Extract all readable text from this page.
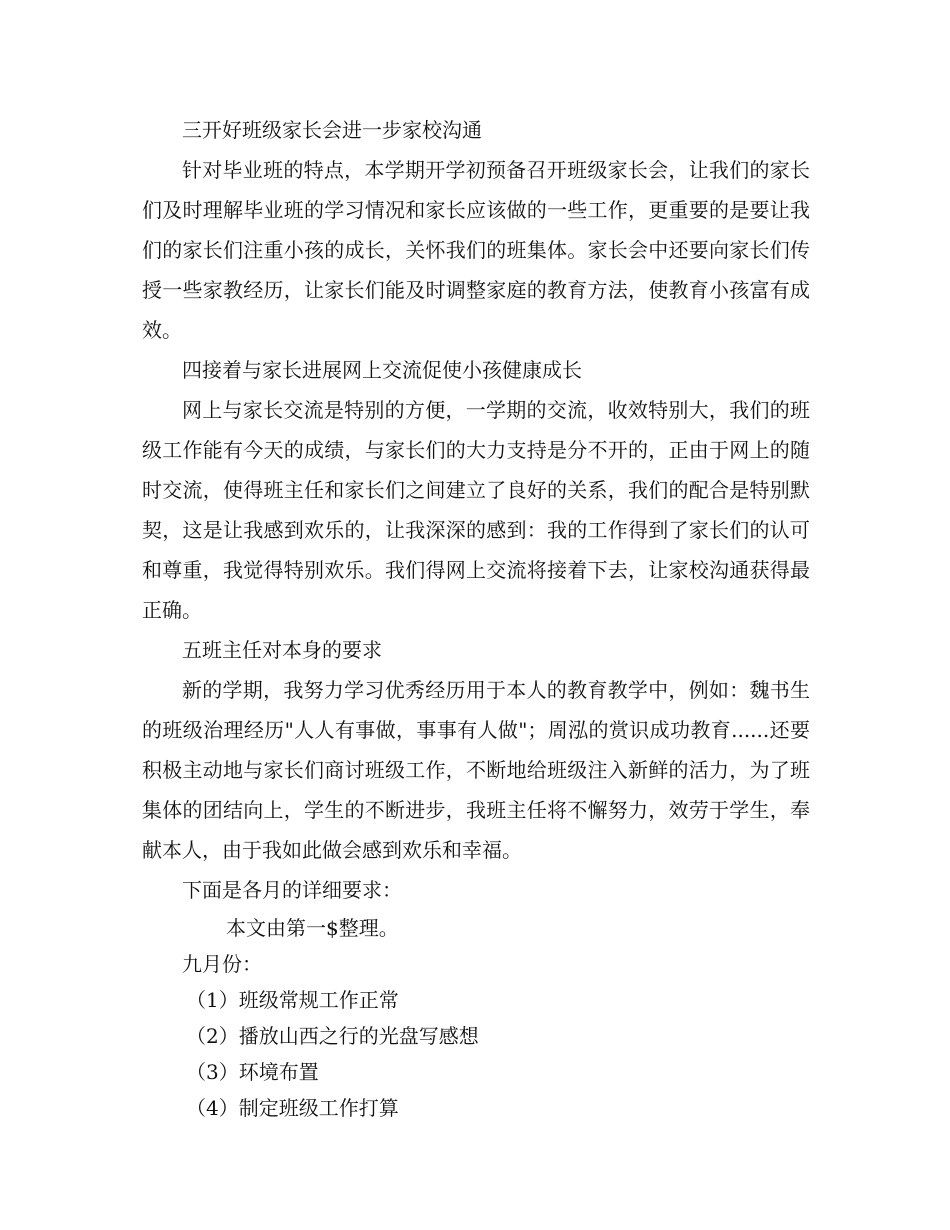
三开好班级家长会进一步家校沟通

针对毕业班的特点，本学期开学初预备召开班级家长会，让我们的家长们及时理解毕业班的学习情况和家长应该做的一些工作，更重要的是要让我们的家长们注重小孩的成长，关怀我们的班集体。家长会中还要向家长们传授一些家教经历，让家长们能及时调整家庭的教育方法，使教育小孩富有成效。

四接着与家长进展网上交流促使小孩健康成长

网上与家长交流是特别的方便，一学期的交流，收效特别大，我们的班级工作能有今天的成绩，与家长们的大力支持是分不开的，正由于网上的随时交流，使得班主任和家长们之间建立了良好的关系，我们的配合是特别默契，这是让我感到欢乐的，让我深深的感到：我的工作得到了家长们的认可和尊重，我觉得特别欢乐。我们得网上交流将接着下去，让家校沟通获得最正确。

五班主任对本身的要求

新的学期，我努力学习优秀经历用于本人的教育教学中，例如：魏书生的班级治理经历"人人有事做，事事有人做"；周泓的赏识成功教育......还要积极主动地与家长们商讨班级工作，不断地给班级注入新鲜的活力，为了班集体的团结向上，学生的不断进步，我班主任将不懈努力，效劳于学生，奉献本人，由于我如此做会感到欢乐和幸福。

下面是各月的详细要求：

本文由第一$整理。

九月份：

（1）班级常规工作正常
（2）播放山西之行的光盘写感想
（3）环境布置
（4）制定班级工作打算
